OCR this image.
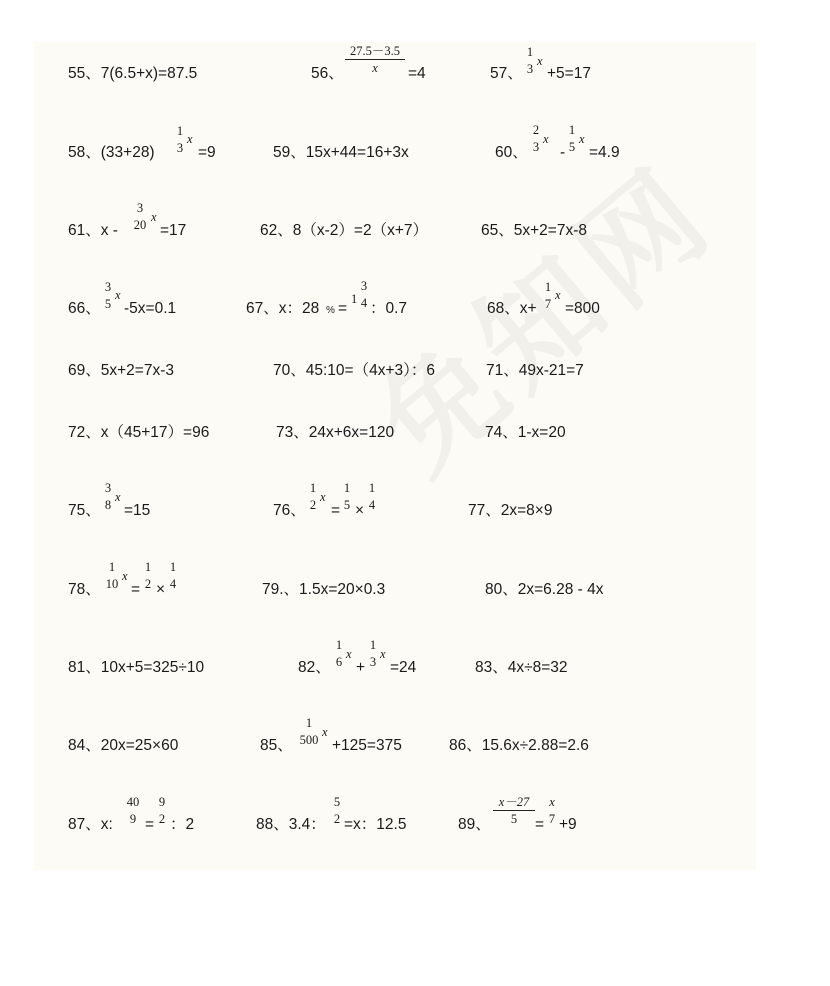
55、7(6.5+x)=87.5	56、 $\frac{27.5-3.5}{x} =4$	57、
1
3
x
+5=17
58、(33+28)
1
3
x
=9	59、15x+44=16+3x	60、
2
3
x
-
1
5
x
=4.9
61、x -
3
20
x
=17	62、8（x-2）=2（x+7）	65、5x+2=7x-8
66、
3
5
x
-5x=0.1	67、x：28 % =
1
3
4 ：0.7	68、x+
1
7
x
=800
69、5x+2=7x-3	70、45:10=（4x+3）：6	71、49x-21=7
72、x（45+17）=96	73、24x+6x=120	74、1-x=20
75、
3
8
x
=15	76、
1
2
x
=
1
5 ×
1
4	77、2x=8×9
78、
1
10
x
=
1
2 ×
1
4	79.、1.5x=20×0.3	80、2x=6.28 - 4x
81、10x+5=325÷10	82、
1
6
x
+
1
3
x
=24	83、4x÷8=32
84、20x=25×60	85、
1
500
x
+125=375	86、15.6x÷2.88=2.6
87、x:
40
9 =
9
2 ：2	88、3.4：
5
2 =x：12.5	89、 $\frac{x-27}{5}$ =
x
7 +9
